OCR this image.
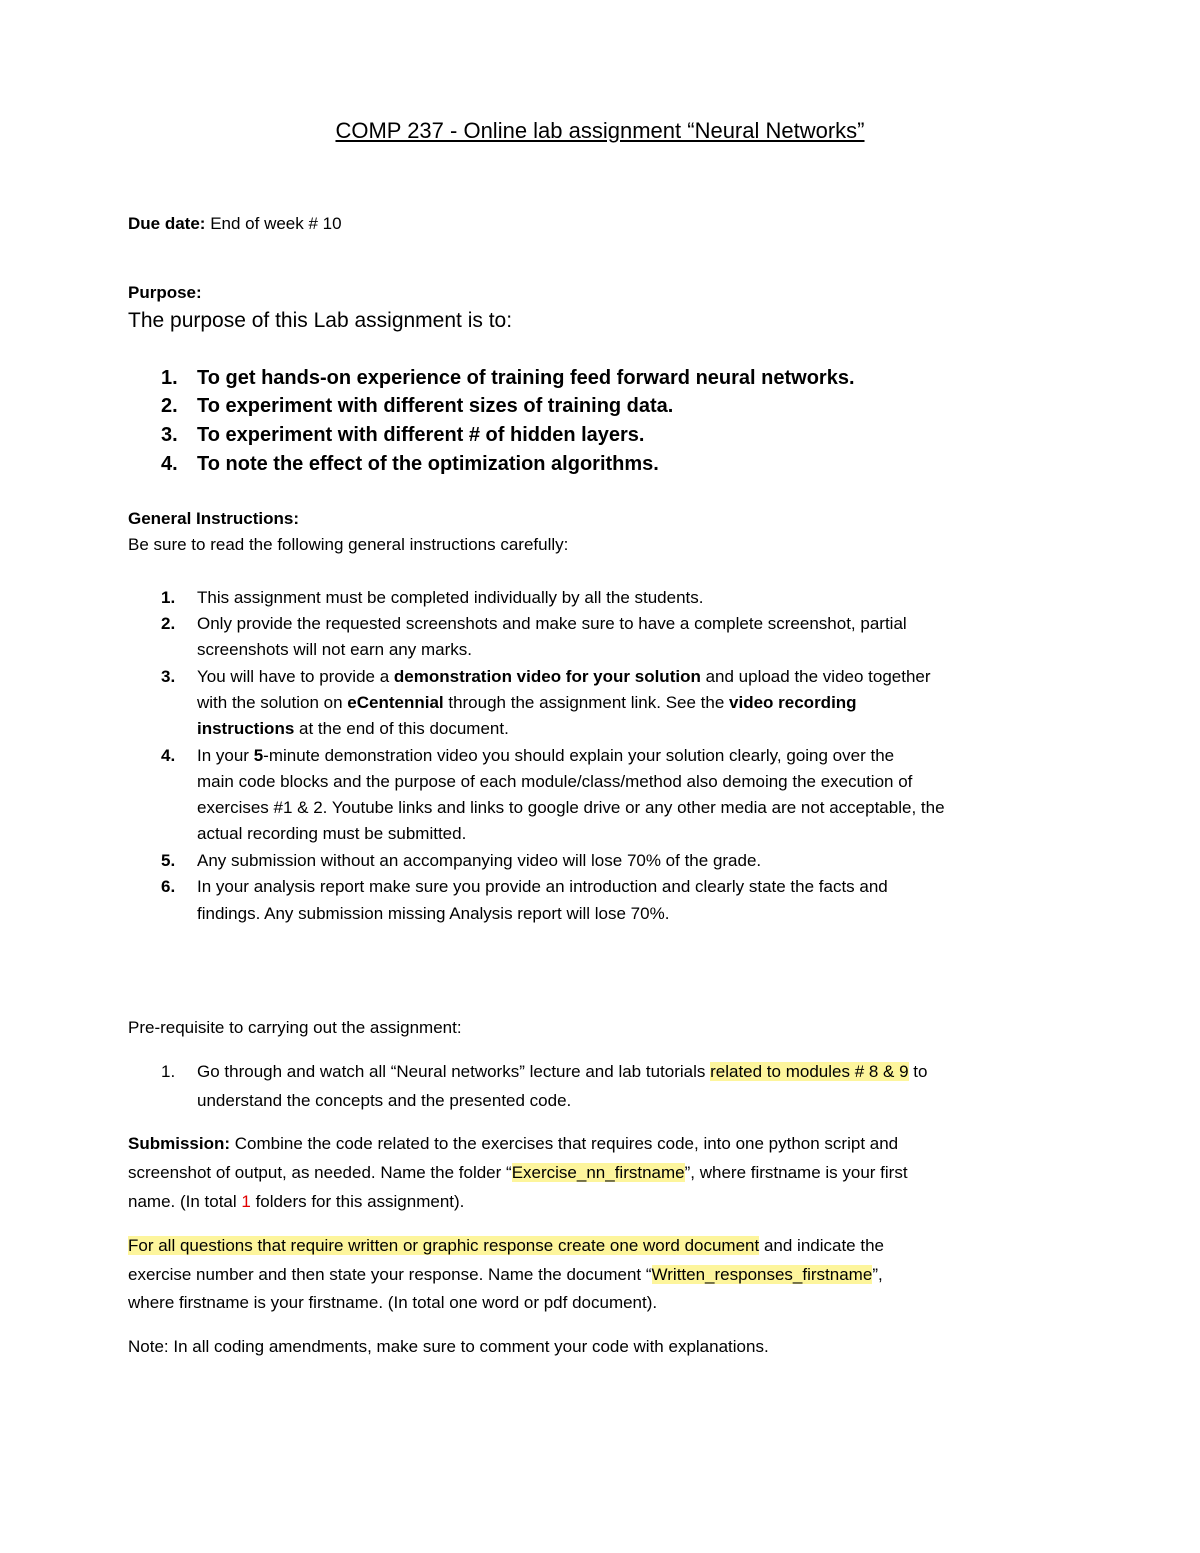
COMP 237 - Online lab assignment “Neural Networks”
Due date: End of week # 10
Purpose:
The purpose of this Lab assignment is to:
1. To get hands-on experience of training feed forward neural networks.
2. To experiment with different sizes of training data.
3. To experiment with different # of hidden layers.
4. To note the effect of the optimization algorithms.
General Instructions:
Be sure to read the following general instructions carefully:
1. This assignment must be completed individually by all the students.
2. Only provide the requested screenshots and make sure to have a complete screenshot, partial
screenshots will not earn any marks.
3. You will have to provide a demonstration video for your solution and upload the video together
with the solution on eCentennial through the assignment link. See the video recording
instructions at the end of this document.
4. In your 5-minute demonstration video you should explain your solution clearly, going over the
main code blocks and the purpose of each module/class/method also demoing the execution of
exercises #1 & 2. Youtube links and links to google drive or any other media are not acceptable, the
actual recording must be submitted.
5. Any submission without an accompanying video will lose 70% of the grade.
6. In your analysis report make sure you provide an introduction and clearly state the facts and
findings. Any submission missing Analysis report will lose 70%.
Pre-requisite to carrying out the assignment:
1. Go through and watch all “Neural networks” lecture and lab tutorials related to modules # 8 & 9 to
understand the concepts and the presented code.
Submission: Combine the code related to the exercises that requires code, into one python script and
screenshot of output, as needed. Name the folder “Exercise_nn_firstname”, where firstname is your first
name. (In total 1 folders for this assignment).
For all questions that require written or graphic response create one word document and indicate the
exercise number and then state your response. Name the document “Written_responses_firstname”,
where firstname is your firstname. (In total one word or pdf document).
Note: In all coding amendments, make sure to comment your code with explanations.
